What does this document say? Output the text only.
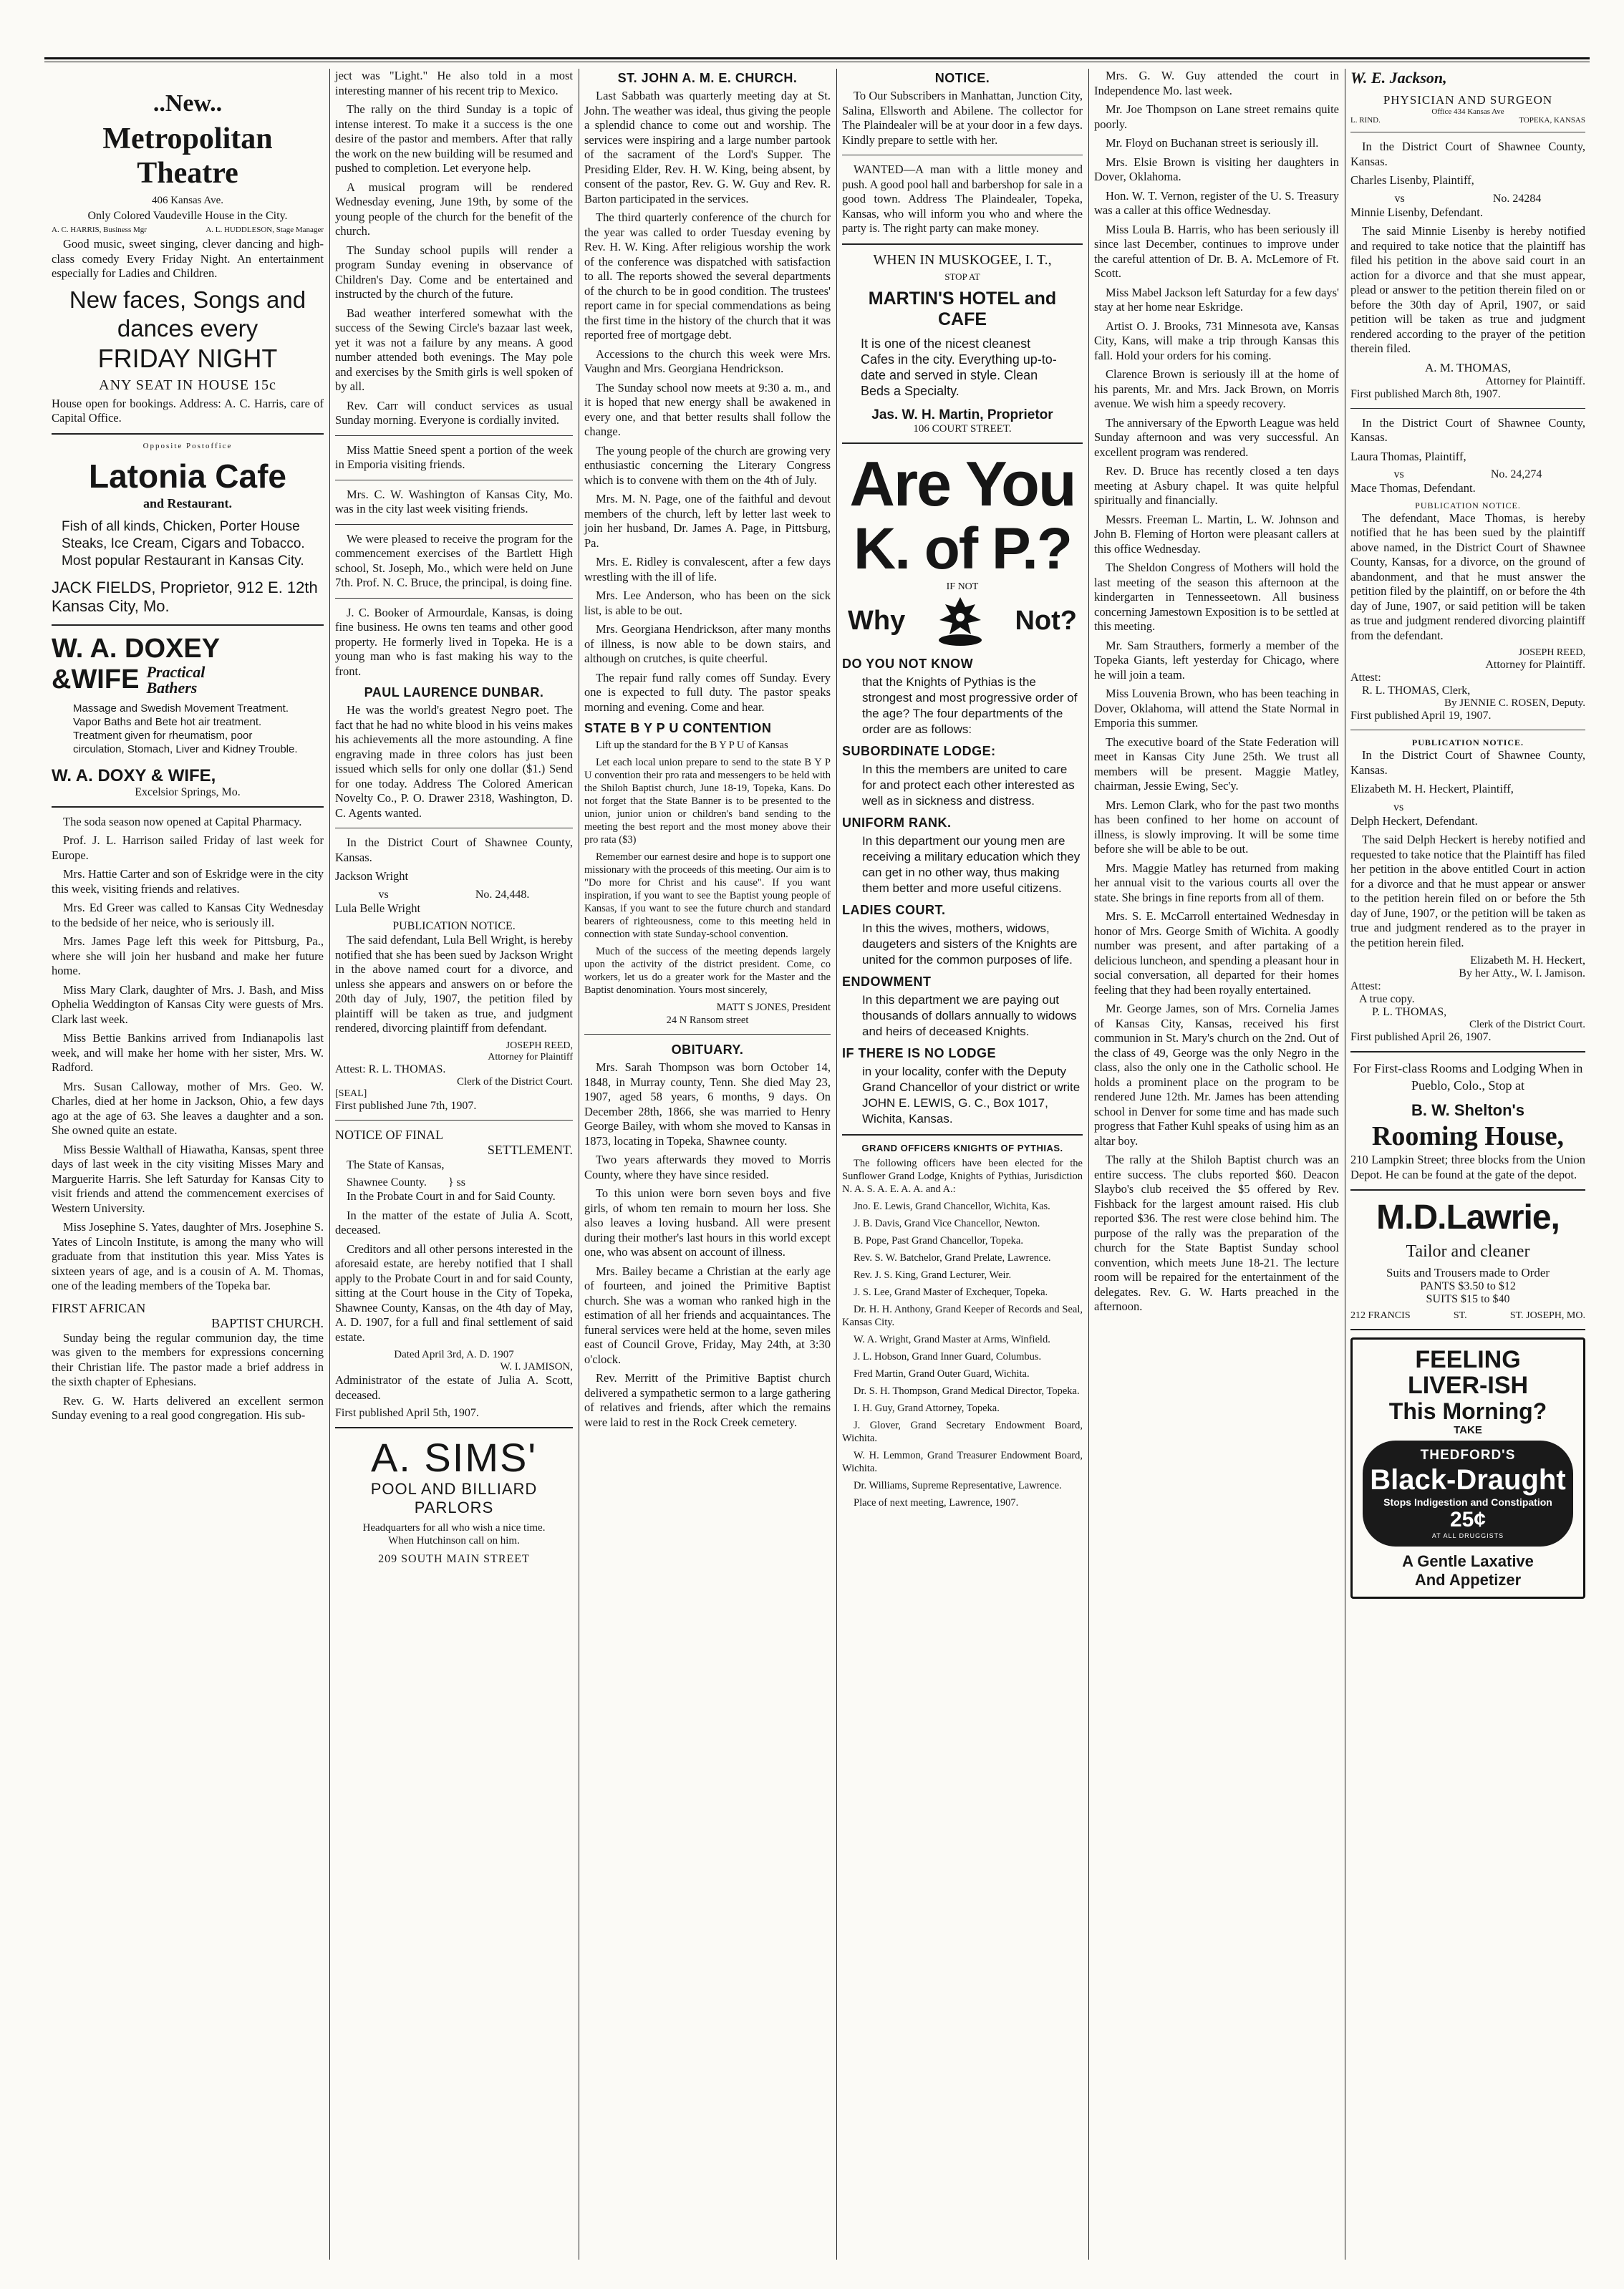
..New..
Metropolitan Theatre
406 Kansas Ave.
Only Colored Vaudeville House in the City.
A. C. HARRIS, Business Mgr	A. L. HUDDLESON, Stage Manager

Good music, sweet singing, clever dancing and high-class comedy Every Friday Night. An entertainment especially for Ladies and Children.

New faces, Songs and dances every
FRIDAY NIGHT
ANY SEAT IN HOUSE 15c

House open for bookings. Address: A. C. Harris, care of Capital Office.

Opposite Postoffice
Latonia Cafe
and Restaurant.
Fish of all kinds, Chicken, Porter House Steaks, Ice Cream, Cigars and Tobacco. Most popular Restaurant in Kansas City.
JACK FIELDS, Proprietor, 912 E. 12th Kansas City, Mo.
W. A. DOXEY
&WIFE Practical Bathers
Massage and Swedish Movement Treatment. Vapor Baths and Bete hot air treatment. Treatment given for rheumatism, poor circulation, Stomach, Liver and Kidney Trouble.
W. A. DOXY & WIFE,
Excelsior Springs, Mo.

The soda season now opened at Capital Pharmacy.

Prof. J. L. Harrison sailed Friday of last week for Europe.

Mrs. Hattie Carter and son of Eskridge were in the city this week, visiting friends and relatives.

Mrs. Ed Greer was called to Kansas City Wednesday to the bedside of her neice, who is seriously ill.

Mrs. James Page left this week for Pittsburg, Pa., where she will join her husband and make her future home.

Miss Mary Clark, daughter of Mrs. J. Bash, and Miss Ophelia Weddington of Kansas City were guests of Mrs. Clark last week.

Miss Bettie Bankins arrived from Indianapolis last week, and will make her home with her sister, Mrs. W. Radford.

Mrs. Susan Calloway, mother of Mrs. Geo. W. Charles, died at her home in Jackson, Ohio, a few days ago at the age of 63. She leaves a daughter and a son. She owned quite an estate.

Miss Bessie Walthall of Hiawatha, Kansas, spent three days of last week in the city visiting Misses Mary and Marguerite Harris. She left Saturday for Kansas City to visit friends and attend the commencement exercises of Western University.

Miss Josephine S. Yates, daughter of Mrs. Josephine S. Yates of Lincoln Institute, is among the many who will graduate from that institution this year. Miss Yates is sixteen years of age, and is a cousin of A. M. Thomas, one of the leading members of the Topeka bar.

FIRST AFRICAN
BAPTIST CHURCH.

Sunday being the regular communion day, the time was given to the members for expressions concerning their Christian life. The pastor made a brief address in the sixth chapter of Ephesians.

Rev. G. W. Harts delivered an excellent sermon Sunday evening to a real good congregation. His sub-

ject was "Light." He also told in a most interesting manner of his recent trip to Mexico.

The rally on the third Sunday is a topic of intense interest. To make it a success is the one desire of the pastor and members. After that rally the work on the new building will be resumed and pushed to completion. Let everyone help.

A musical program will be rendered Wednesday evening, June 19th, by some of the young people of the church for the benefit of the church.

The Sunday school pupils will render a program Sunday evening in observance of Children's Day. Come and be entertained and instructed by the church of the future.

Bad weather interfered somewhat with the success of the Sewing Circle's bazaar last week, yet it was not a failure by any means. A good number attended both evenings. The May pole and exercises by the Smith girls is well spoken of by all.

Rev. Carr will conduct services as usual Sunday morning. Everyone is cordially invited.

Miss Mattie Sneed spent a portion of the week in Emporia visiting friends.

Mrs. C. W. Washington of Kansas City, Mo. was in the city last week visiting friends.

We were pleased to receive the program for the commencement exercises of the Bartlett High school, St. Joseph, Mo., which were held on June 7th. Prof. N. C. Bruce, the principal, is doing fine.

J. C. Booker of Armourdale, Kansas, is doing fine business. He owns ten teams and other good property. He formerly lived in Topeka. He is a young man who is fast making his way to the front.

PAUL LAURENCE DUNBAR.

He was the world's greatest Negro poet. The fact that he had no white blood in his veins makes his achievements all the more astounding. A fine engraving made in three colors has just been issued which sells for only one dollar ($1.) Send for one today. Address The Colored American Novelty Co., P. O. Drawer 2318, Washington, D. C. Agents wanted.

In the District Court of Shawnee County, Kansas.

Jackson Wright

vs	No. 24,448.

Lula Belle Wright

PUBLICATION NOTICE.

The said defendant, Lula Bell Wright, is hereby notified that she has been sued by Jackson Wright in the above named court for a divorce, and unless she appears and answers on or before the 20th day of July, 1907, the petition filed by plaintiff will be taken as true, and judgment rendered, divorcing plaintiff from defendant.

JOSEPH REED,
Attorney for Plaintiff
Attest: R. L. THOMAS.
Clerk of the District Court.
[SEAL]
First published June 7th, 1907.
NOTICE OF FINAL
SETTLEMENT.

The State of Kansas,

Shawnee County. } ss

In the Probate Court in and for Said County.

In the matter of the estate of Julia A. Scott, deceased.

Creditors and all other persons interested in the aforesaid estate, are hereby notified that I shall apply to the Probate Court in and for said County, sitting at the Court house in the City of Topeka, Shawnee County, Kansas, on the 4th day of May, A. D. 1907, for a full and final settlement of said estate.

Dated April 3rd, A. D. 1907
W. I. JAMISON,

Administrator of the estate of Julia A. Scott, deceased.

First published April 5th, 1907.
A. SIMS'
POOL AND BILLIARD
PARLORS
Headquarters for all who wish a nice time. When Hutchinson call on him.
209 SOUTH MAIN STREET
ST. JOHN A. M. E. CHURCH.

Last Sabbath was quarterly meeting day at St. John. The weather was ideal, thus giving the people a splendid chance to come out and worship. The services were inspiring and a large number partook of the sacrament of the Lord's Supper. The Presiding Elder, Rev. H. W. King, being absent, by consent of the pastor, Rev. G. W. Guy and Rev. R. Barton participated in the services.

The third quarterly conference of the church for the year was called to order Tuesday evening by Rev. H. W. King. After religious worship the work of the conference was dispatched with satisfaction to all. The reports showed the several departments of the church to be in good condition. The trustees' report came in for special commendations as being the first time in the history of the church that it was reported free of mortgage debt.

Accessions to the church this week were Mrs. Vaughn and Mrs. Georgiana Hendrickson.

The Sunday school now meets at 9:30 a. m., and it is hoped that new energy shall be awakened in every one, and that better results shall follow the change.

The young people of the church are growing very enthusiastic concerning the Literary Congress which is to convene with them on the 4th of July.

Mrs. M. N. Page, one of the faithful and devout members of the church, left by letter last week to join her husband, Dr. James A. Page, in Pittsburg, Pa.

Mrs. E. Ridley is convalescent, after a few days wrestling with the ill of life.

Mrs. Lee Anderson, who has been on the sick list, is able to be out.

Mrs. Georgiana Hendrickson, after many months of illness, is now able to be down stairs, and although on crutches, is quite cheerful.

The repair fund rally comes off Sunday. Every one is expected to full duty. The pastor speaks morning and evening. Come and hear.

STATE B Y P U CONTENTION

Lift up the standard for the B Y P U of Kansas

Let each local union prepare to send to the state B Y P U convention their pro rata and messengers to be held with the Shiloh Baptist church, June 18-19, Topeka, Kans. Do not forget that the State Banner is to be presented to the union, junior union or children's band sending to the meeting the best report and the most money above their pro rata ($3)

Remember our earnest desire and hope is to support one missionary with the proceeds of this meeting. Our aim is to "Do more for Christ and his cause". If you want inspiration, if you want to see the Baptist young people of Kansas, if you want to see the future church and standard bearers of righteousness, come to this meeting held in connection with state Sunday-school convention.

Much of the success of the meeting depends largely upon the activity of the district president. Come, co workers, let us do a greater work for the Master and the Baptist denomination. Yours most sincerely,

MATT S JONES, President
24 N Ransom street
OBITUARY.

Mrs. Sarah Thompson was born October 14, 1848, in Murray county, Tenn. She died May 23, 1907, aged 58 years, 6 months, 9 days. On December 28th, 1866, she was married to Henry George Bailey, with whom she moved to Kansas in 1873, locating in Topeka, Shawnee county.

Two years afterwards they moved to Morris County, where they have since resided.

To this union were born seven boys and five girls, of whom ten remain to mourn her loss. She also leaves a loving husband. All were present during their mother's last hours in this world except one, who was absent on account of illness.

Mrs. Bailey became a Christian at the early age of fourteen, and joined the Primitive Baptist church. She was a woman who ranked high in the estimation of all her friends and acquaintances. The funeral services were held at the home, seven miles east of Council Grove, Friday, May 24th, at 3:30 o'clock.

Rev. Merritt of the Primitive Baptist church delivered a sympathetic sermon to a large gathering of relatives and friends, after which the remains were laid to rest in the Rock Creek cemetery.

NOTICE.

To Our Subscribers in Manhattan, Junction City, Salina, Ellsworth and Abilene. The collector for The Plaindealer will be at your door in a few days. Kindly prepare to settle with her.

WANTED—A man with a little money and push. A good pool hall and barbershop for sale in a good town. Address The Plaindealer, Topeka, Kansas, who will inform you who and where the party is. The right party can make money.

WHEN IN MUSKOGEE, I. T.,
STOP AT
MARTIN'S HOTEL and CAFE
It is one of the nicest cleanest Cafes in the city. Everything up-to-date and served in style. Clean Beds a Specialty.
Jas. W. H. Martin, Proprietor
106 COURT STREET.
Are You
K. of P.?
IF NOT
Why	Not?
DO YOU NOT KNOW
that the Knights of Pythias is the strongest and most progressive order of the age? The four departments of the order are as follows:
SUBORDINATE LODGE:
In this the members are united to care for and protect each other interested as well as in sickness and distress.
UNIFORM RANK.
In this department our young men are receiving a military education which they can get in no other way, thus making them better and more useful citizens.
LADIES COURT.
In this the wives, mothers, widows, daugeters and sisters of the Knights are united for the common purposes of life.
ENDOWMENT
In this department we are paying out thousands of dollars annually to widows and heirs of deceased Knights.
IF THERE IS NO LODGE
in your locality, confer with the Deputy Grand Chancellor of your district or write JOHN E. LEWIS, G. C., Box 1017, Wichita, Kansas.
GRAND OFFICERS KNIGHTS OF PYTHIAS.

The following officers have been elected for the Sunflower Grand Lodge, Knights of Pythias, Jurisdiction N. A. S. A. E. A. A. and A.:

Jno. E. Lewis, Grand Chancellor, Wichita, Kas.

J. B. Davis, Grand Vice Chancellor, Newton.

B. Pope, Past Grand Chancellor, Topeka.

Rev. S. W. Batchelor, Grand Prelate, Lawrence.

Rev. J. S. King, Grand Lecturer, Weir.

J. S. Lee, Grand Master of Exchequer, Topeka.

Dr. H. H. Anthony, Grand Keeper of Records and Seal, Kansas City.

W. A. Wright, Grand Master at Arms, Winfield.

J. L. Hobson, Grand Inner Guard, Columbus.

Fred Martin, Grand Outer Guard, Wichita.

Dr. S. H. Thompson, Grand Medical Director, Topeka.

I. H. Guy, Grand Attorney, Topeka.

J. Glover, Grand Secretary Endowment Board, Wichita.

W. H. Lemmon, Grand Treasurer Endowment Board, Wichita.

Dr. Williams, Supreme Representative, Lawrence.

Place of next meeting, Lawrence, 1907.

Mrs. G. W. Guy attended the court in Independence Mo. last week.

Mr. Joe Thompson on Lane street remains quite poorly.

Mr. Floyd on Buchanan street is seriously ill.

Mrs. Elsie Brown is visiting her daughters in Dover, Oklahoma.

Hon. W. T. Vernon, register of the U. S. Treasury was a caller at this office Wednesday.

Miss Loula B. Harris, who has been seriously ill since last December, continues to improve under the careful attention of Dr. B. A. McLemore of Ft. Scott.

Miss Mabel Jackson left Saturday for a few days' stay at her home near Eskridge.

Artist O. J. Brooks, 731 Minnesota ave, Kansas City, Kans, will make a trip through Kansas this fall. Hold your orders for his coming.

Clarence Brown is seriously ill at the home of his parents, Mr. and Mrs. Jack Brown, on Morris avenue. We wish him a speedy recovery.

The anniversary of the Epworth League was held Sunday afternoon and was very successful. An excellent program was rendered.

Rev. D. Bruce has recently closed a ten days meeting at Asbury chapel. It was quite helpful spiritually and financially.

Messrs. Freeman L. Martin, L. W. Johnson and John B. Fleming of Horton were pleasant callers at this office Wednesday.

The Sheldon Congress of Mothers will hold the last meeting of the season this afternoon at the kindergarten in Tennesseetown. All business concerning Jamestown Exposition is to be settled at this meeting.

Mr. Sam Strauthers, formerly a member of the Topeka Giants, left yesterday for Chicago, where he will join a team.

Miss Louvenia Brown, who has been teaching in Dover, Oklahoma, will attend the State Normal in Emporia this summer.

The executive board of the State Federation will meet in Kansas City June 25th. We trust all members will be present. Maggie Matley, chairman, Jessie Ewing, Sec'y.

Mrs. Lemon Clark, who for the past two months has been confined to her home on account of illness, is slowly improving. It will be some time before she will be able to be out.

Mrs. Maggie Matley has returned from making her annual visit to the various courts all over the state. She brings in fine reports from all of them.

Mrs. S. E. McCarroll entertained Wednesday in honor of Mrs. George Smith of Wichita. A goodly number was present, and after partaking of a delicious luncheon, and spending a pleasant hour in social conversation, all departed for their homes feeling that they had been royally entertained.

Mr. George James, son of Mrs. Cornelia James of Kansas City, Kansas, received his first communion in St. Mary's church on the 2nd. Out of the class of 49, George was the only Negro in the class, also the only one in the Catholic school. He holds a prominent place on the program to be rendered June 12th. Mr. James has been attending school in Denver for some time and has made such progress that Father Kuhl speaks of using him as an altar boy.

The rally at the Shiloh Baptist church was an entire success. The clubs reported $60. Deacon Slaybo's club received the $5 offered by Rev. Fishback for the largest amount raised. His club reported $36. The rest were close behind him. The purpose of the rally was the preparation of the church for the State Baptist Sunday school convention, which meets June 18-21. The lecture room will be repaired for the entertainment of the delegates. Rev. G. W. Harts preached in the afternoon.

W. E. Jackson,
PHYSICIAN AND SURGEON
Office 434 Kansas Ave
L. RIND.	TOPEKA, KANSAS

In the District Court of Shawnee County, Kansas.

Charles Lisenby, Plaintiff,

vs	No. 24284

Minnie Lisenby, Defendant.

The said Minnie Lisenby is hereby notified and required to take notice that the plaintiff has filed his petition in the above said court in an action for a divorce and that she must appear, plead or answer to the petition therein filed on or before the 30th day of April, 1907, or said petition will be taken as true and judgment rendered according to the prayer of the petition therein filed.

A. M. THOMAS,
Attorney for Plaintiff.
First published March 8th, 1907.

In the District Court of Shawnee County, Kansas.

Laura Thomas, Plaintiff,

vs	No. 24,274

Mace Thomas, Defendant.

PUBLICATION NOTICE.

The defendant, Mace Thomas, is hereby notified that he has been sued by the plaintiff above named, in the District Court of Shawnee County, Kansas, for a divorce, on the ground of abandonment, and that he must answer the petition filed by the plaintiff, on or before the 4th day of June, 1907, or said petition will be taken as true and judgment rendered divorcing plaintiff from the defendant.

JOSEPH REED,
Attorney for Plaintiff.
Attest:
R. L. THOMAS, Clerk,
By JENNIE C. ROSEN, Deputy.
First published April 19, 1907.
PUBLICATION NOTICE.

In the District Court of Shawnee County, Kansas.

Elizabeth M. H. Heckert, Plaintiff,

vs

Delph Heckert, Defendant.

The said Delph Heckert is hereby notified and requested to take notice that the Plaintiff has filed her petition in the above entitled Court in action for a divorce and that he must appear or answer to the petition herein filed on or before the 5th day of June, 1907, or the petition will be taken as true and judgment rendered as to the prayer in the petition herein filed.

Elizabeth M. H. Heckert,
By her Atty., W. I. Jamison.
Attest:
A true copy.
P. L. THOMAS,
Clerk of the District Court.
First published April 26, 1907.
For First-class Rooms and Lodging When in Pueblo, Colo., Stop at
B. W. Shelton's
Rooming House,

210 Lampkin Street; three blocks from the Union Depot. He can be found at the gate of the depot.

M.D.Lawrie,
Tailor and cleaner
Suits and Trousers made to Order
PANTS $3.50 to $12
SUITS $15 to $40
212 FRANCIS	ST.	ST. JOSEPH, MO.
FEELING
LIVER-ISH
This Morning?
TAKE
THEDFORD'S
Black-Draught
Stops Indigestion and Constipation
25¢
AT ALL DRUGGISTS
A Gentle Laxative
And Appetizer
